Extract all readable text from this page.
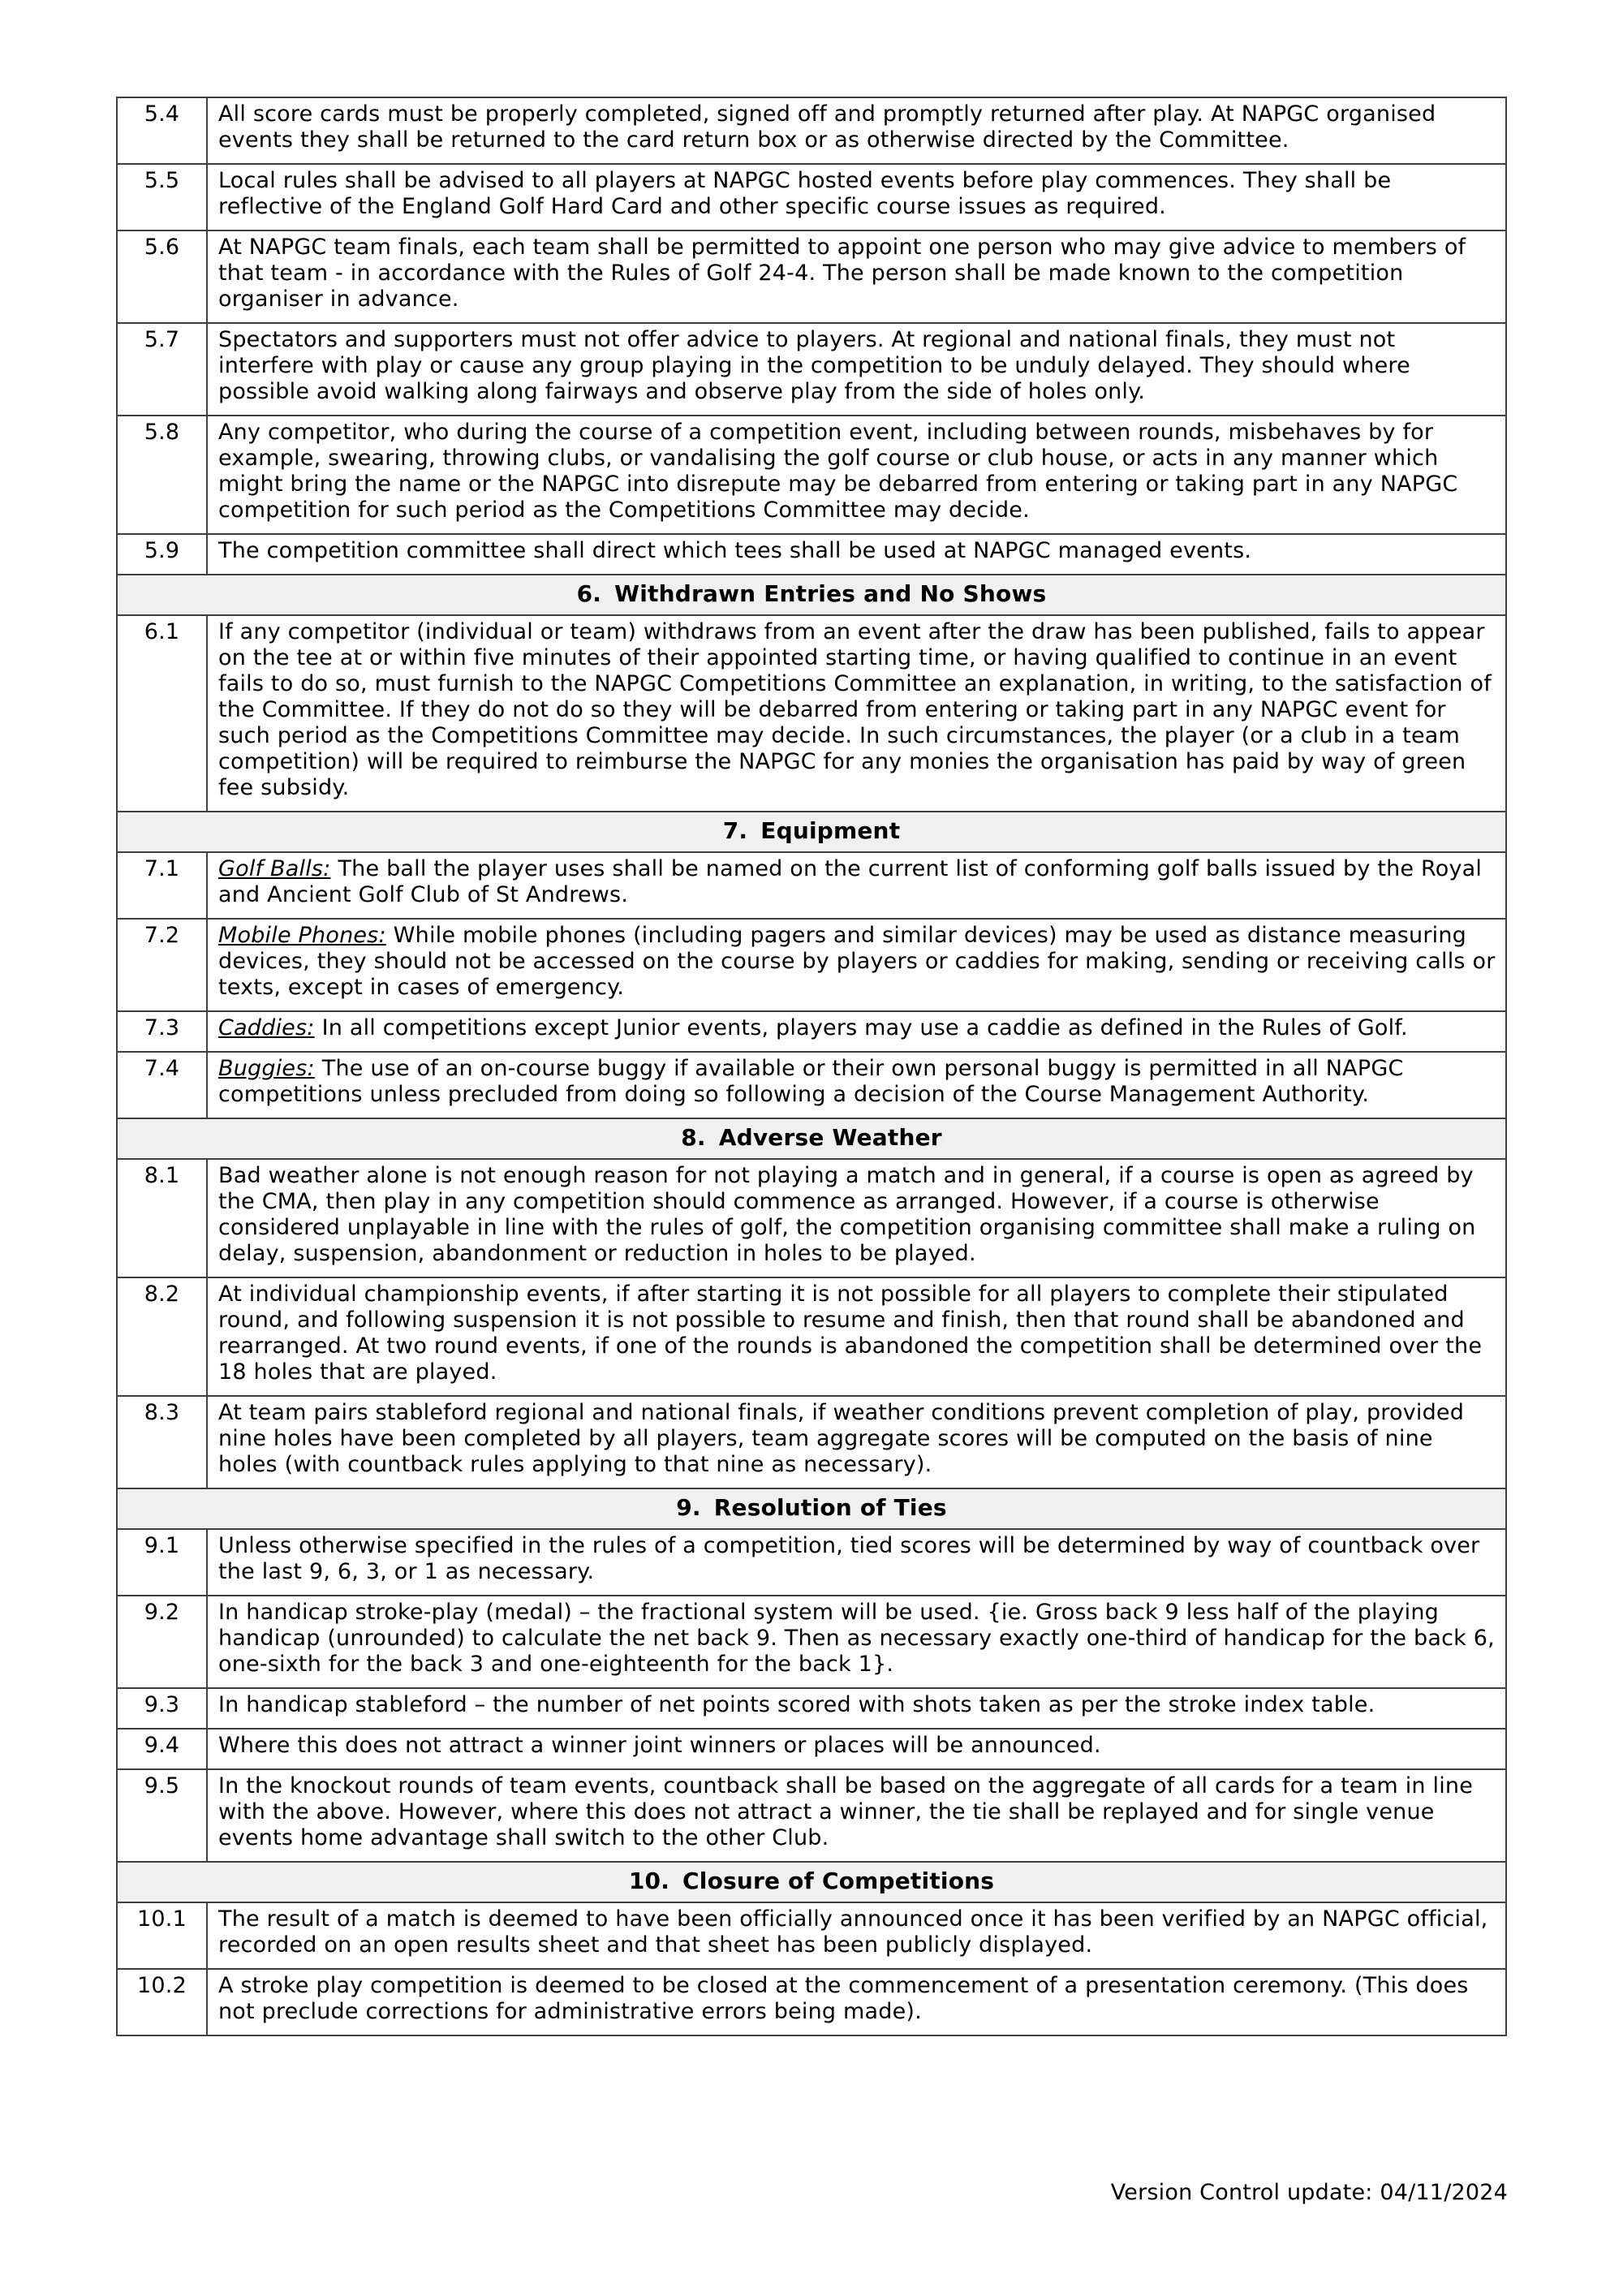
5.4	All score cards must be properly completed, signed off and promptly returned after play. At NAPGC organised events they shall be returned to the card return box or as otherwise directed by the Committee.
5.5	Local rules shall be advised to all players at NAPGC hosted events before play commences. They shall be reflective of the England Golf Hard Card and other specific course issues as required.
5.6	At NAPGC team finals, each team shall be permitted to appoint one person who may give advice to members of that team - in accordance with the Rules of Golf 24-4. The person shall be made known to the competition organiser in advance.
5.7	Spectators and supporters must not offer advice to players. At regional and national finals, they must not interfere with play or cause any group playing in the competition to be unduly delayed. They should where possible avoid walking along fairways and observe play from the side of holes only.
5.8	Any competitor, who during the course of a competition event, including between rounds, misbehaves by for example, swearing, throwing clubs, or vandalising the golf course or club house, or acts in any manner which might bring the name or the NAPGC into disrepute may be debarred from entering or taking part in any NAPGC competition for such period as the Competitions Committee may decide.
5.9	The competition committee shall direct which tees shall be used at NAPGC managed events.
6. Withdrawn Entries and No Shows	
6.1	If any competitor (individual or team) withdraws from an event after the draw has been published, fails to appear on the tee at or within five minutes of their appointed starting time, or having qualified to continue in an event fails to do so, must furnish to the NAPGC Competitions Committee an explanation, in writing, to the satisfaction of the Committee. If they do not do so they will be debarred from entering or taking part in any NAPGC event for such period as the Competitions Committee may decide. In such circumstances, the player (or a club in a team competition) will be required to reimburse the NAPGC for any monies the organisation has paid by way of green fee subsidy.
7. Equipment	
7.1	Golf Balls: The ball the player uses shall be named on the current list of conforming golf balls issued by the Royal and Ancient Golf Club of St Andrews.
7.2	Mobile Phones: While mobile phones (including pagers and similar devices) may be used as distance measuring devices, they should not be accessed on the course by players or caddies for making, sending or receiving calls or texts, except in cases of emergency.
7.3	Caddies: In all competitions except Junior events, players may use a caddie as defined in the Rules of Golf.
7.4	Buggies: The use of an on-course buggy if available or their own personal buggy is permitted in all NAPGC competitions unless precluded from doing so following a decision of the Course Management Authority.
8. Adverse Weather	
8.1	Bad weather alone is not enough reason for not playing a match and in general, if a course is open as agreed by the CMA, then play in any competition should commence as arranged. However, if a course is otherwise considered unplayable in line with the rules of golf, the competition organising committee shall make a ruling on delay, suspension, abandonment or reduction in holes to be played.
8.2	At individual championship events, if after starting it is not possible for all players to complete their stipulated round, and following suspension it is not possible to resume and finish, then that round shall be abandoned and rearranged. At two round events, if one of the rounds is abandoned the competition shall be determined over the 18 holes that are played.
8.3	At team pairs stableford regional and national finals, if weather conditions prevent completion of play, provided nine holes have been completed by all players, team aggregate scores will be computed on the basis of nine holes (with countback rules applying to that nine as necessary).
9. Resolution of Ties	
9.1	Unless otherwise specified in the rules of a competition, tied scores will be determined by way of countback over the last 9, 6, 3, or 1 as necessary.
9.2	In handicap stroke-play (medal) – the fractional system will be used. {ie. Gross back 9 less half of the playing handicap (unrounded) to calculate the net back 9. Then as necessary exactly one-third of handicap for the back 6, one-sixth for the back 3 and one-eighteenth for the back 1}.
9.3	In handicap stableford – the number of net points scored with shots taken as per the stroke index table.
9.4	Where this does not attract a winner joint winners or places will be announced.
9.5	In the knockout rounds of team events, countback shall be based on the aggregate of all cards for a team in line with the above. However, where this does not attract a winner, the tie shall be replayed and for single venue events home advantage shall switch to the other Club.
10. Closure of Competitions	
10.1	The result of a match is deemed to have been officially announced once it has been verified by an NAPGC official, recorded on an open results sheet and that sheet has been publicly displayed.
10.2	A stroke play competition is deemed to be closed at the commencement of a presentation ceremony. (This does not preclude corrections for administrative errors being made).
Version Control update: 04/11/2024
